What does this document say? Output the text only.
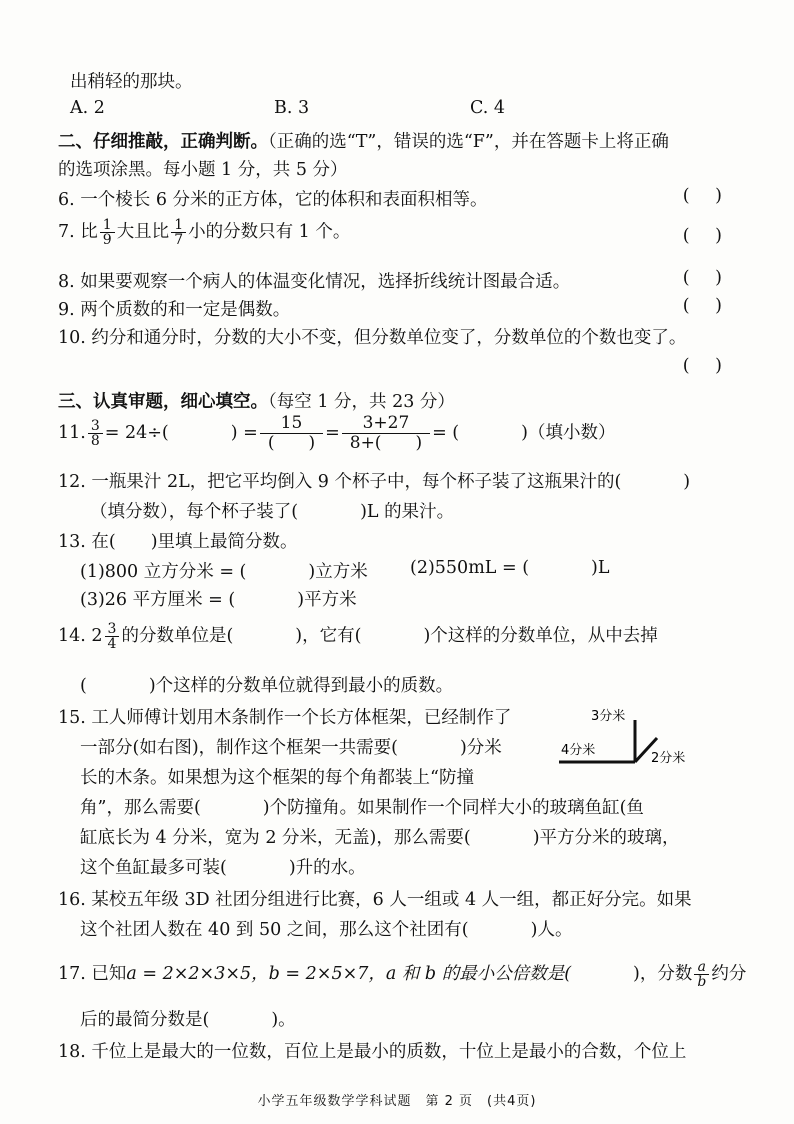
出稍轻的那块。
A. 2	B. 3	C. 4
二、仔细推敲，正确判断。（正确的选“T”，错误的选“F”，并在答题卡上将正确
的选项涂黑。每小题 1 分，共 5 分）
6. 一个棱长 6 分米的正方体，它的体积和表面积相等。	( )
7. 比 $\frac{1}{9}$ 大且比 $\frac{1}{7}$ 小的分数只有 1 个。	( )
8. 如果要观察一个病人的体温变化情况，选择折线统计图最合适。	( )
9. 两个质数的和一定是偶数。	( )
10. 约分和通分时，分数的大小不变，但分数单位变了，分数单位的个数也变了。
( )
三、认真审题，细心填空。（每空 1 分，共 23 分）
11. $\frac{3}{8} = 24\div$(	) = $\frac{15}{( )} = \frac{3+27}{8+( )}$ = (	)（填小数）
12. 一瓶果汁 2L，把它平均倒入 9 个杯子中，每个杯子装了这瓶果汁的(	)
（填分数），每个杯子装了(	)L 的果汁。
13. 在(　　)里填上最简分数。
(1)800 立方分米 = (	)立方米 (2)550mL = (	)L
(3)26 平方厘米 = (	)平方米
14. $2 \frac{3}{4}$ 的分数单位是(	)，它有(	)个这样的分数单位，从中去掉
(	)个这样的分数单位就得到最小的质数。
15. 工人师傅计划用木条制作一个长方体框架，已经制作了
一部分(如右图)，制作这个框架一共需要(	)分米
长的木条。如果想为这个框架的每个角都装上“防撞
角”，那么需要(	)个防撞角。如果制作一个同样大小的玻璃鱼缸(鱼
缸底长为 4 分米，宽为 2 分米，无盖)，那么需要(	)平方分米的玻璃，
这个鱼缸最多可装(	)升的水。
3分米
4分米
2分米
16. 某校五年级 3D 社团分组进行比赛，6 人一组或 4 人一组，都正好分完。如果
这个社团人数在 40 到 50 之间，那么这个社团有(	)人。
17. 已知a = 2×2×3×5，b = 2×5×7，a 和 b 的最小公倍数是(	)，分数 $\frac{a}{b}$ 约分
后的最简分数是(	)。
18. 千位上是最大的一位数，百位上是最小的质数，十位上是最小的合数，个位上
小学五年级数学学科试题　第 2 页　(共4页)
